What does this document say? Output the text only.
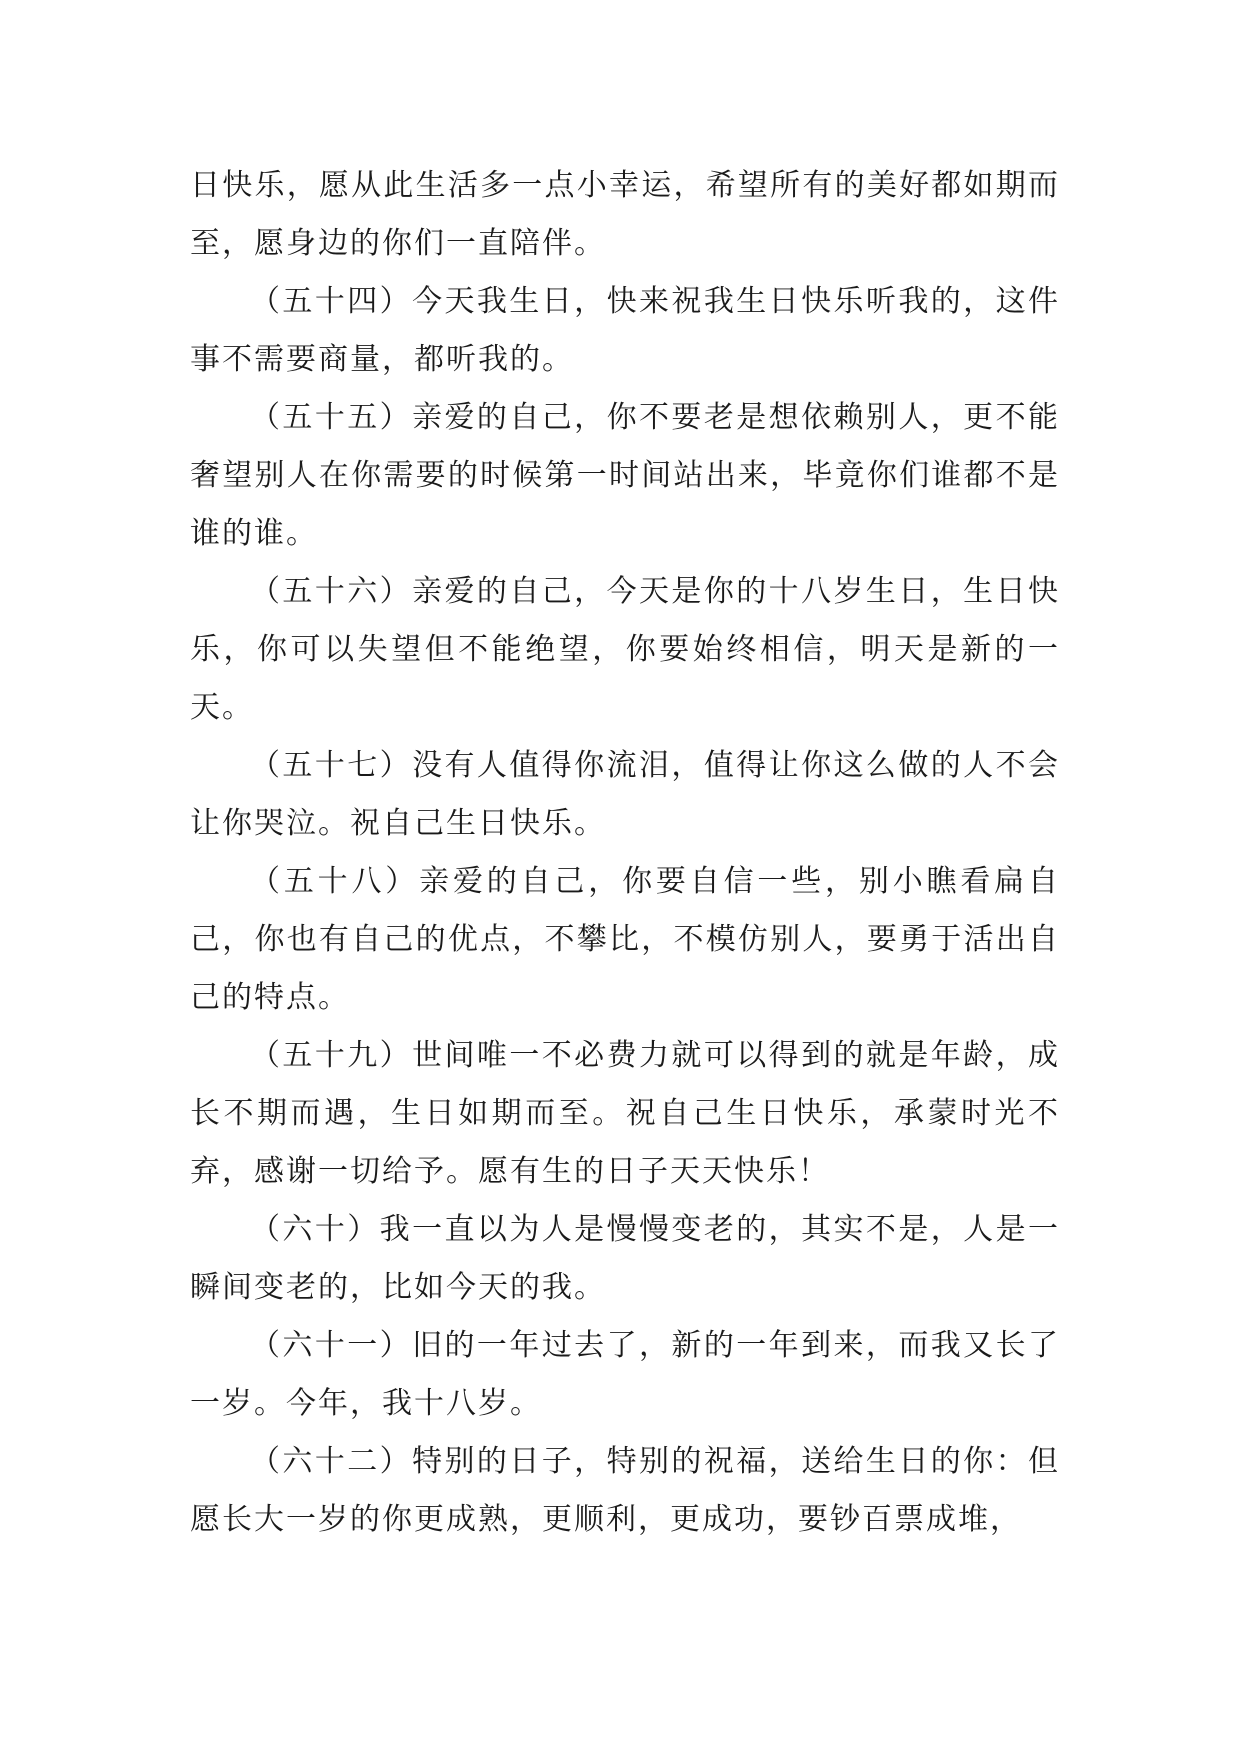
日快乐，愿从此生活多一点小幸运，希望所有的美好都如期而至，愿身边的你们一直陪伴。

（五十四）今天我生日，快来祝我生日快乐听我的，这件事不需要商量，都听我的。

（五十五）亲爱的自己，你不要老是想依赖别人，更不能奢望别人在你需要的时候第一时间站出来，毕竟你们谁都不是谁的谁。

（五十六）亲爱的自己，今天是你的十八岁生日，生日快乐，你可以失望但不能绝望，你要始终相信，明天是新的一天。

（五十七）没有人值得你流泪，值得让你这么做的人不会让你哭泣。祝自己生日快乐。

（五十八）亲爱的自己，你要自信一些，别小瞧看扁自己，你也有自己的优点，不攀比，不模仿别人，要勇于活出自己的特点。

（五十九）世间唯一不必费力就可以得到的就是年龄，成长不期而遇，生日如期而至。祝自己生日快乐，承蒙时光不弃，感谢一切给予。愿有生的日子天天快乐！

（六十）我一直以为人是慢慢变老的，其实不是，人是一瞬间变老的，比如今天的我。

（六十一）旧的一年过去了，新的一年到来，而我又长了一岁。今年，我十八岁。

（六十二）特别的日子，特别的祝福，送给生日的你：但愿长大一岁的你更成熟，更顺利，更成功，要钞百票成堆，
